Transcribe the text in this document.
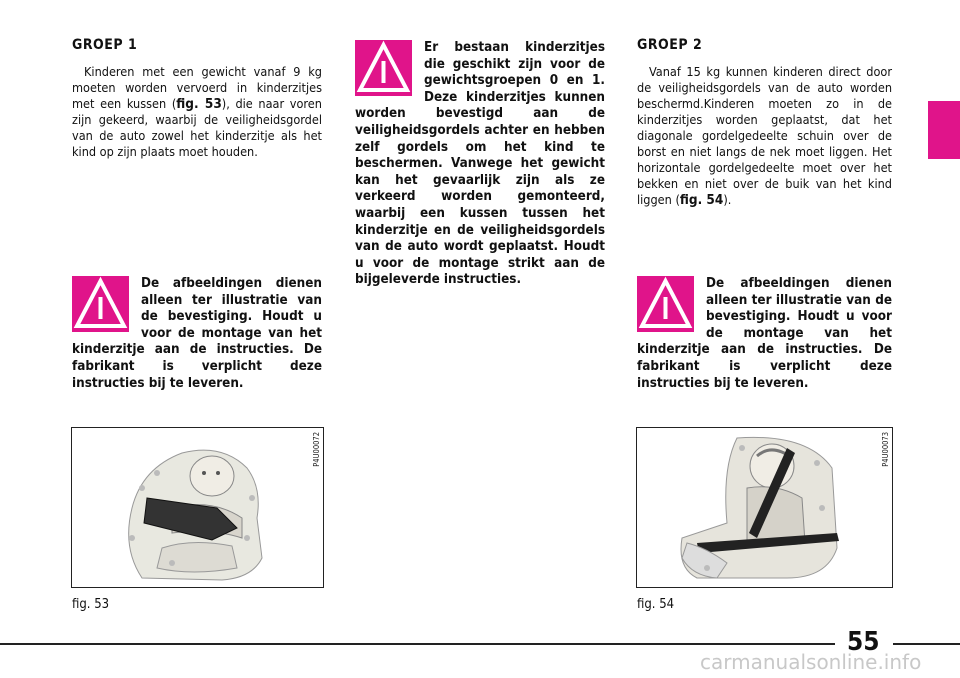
GROEP 1
Kinderen met een gewicht vanaf 9 kg moeten worden vervoerd in kinderzitjes met een kussen (fig. 53), die naar voren zijn gekeerd, waarbij de veiligheidsgordel van de auto zowel het kinderzitje als het kind op zijn plaats moet houden.
De afbeeldingen dienen alleen ter illustratie van de bevestiging. Houdt u voor de montage van het kinderzitje aan de instructies. De fabrikant is verplicht deze instructies bij te leveren.
P4U00072
fig. 53
Er bestaan kinderzitjes die geschikt zijn voor de gewichtsgroepen 0 en 1. Deze kinderzitjes kunnen worden bevestigd aan de veiligheidsgordels achter en hebben zelf gordels om het kind te beschermen. Vanwege het gewicht kan het gevaarlijk zijn als ze verkeerd worden gemonteerd, waarbij een kussen tussen het kinderzitje en de veiligheidsgordels van de auto wordt geplaatst. Houdt u voor de montage strikt aan de bijgeleverde instructies.
GROEP 2
Vanaf 15 kg kunnen kinderen direct door de veiligheidsgordels van de auto worden beschermd.Kinderen moeten zo in de kinderzitjes worden geplaatst, dat het diagonale gordelgedeelte schuin over de borst en niet langs de nek moet liggen. Het horizontale gordelgedeelte moet over het bekken en niet over de buik van het kind liggen (fig. 54).
De afbeeldingen dienen alleen ter illustratie van de bevestiging. Houdt u voor de montage van het kinderzitje aan de instructies. De fabrikant is verplicht deze instructies bij te leveren.
P4U00073
fig. 54
55
carmanualsonline.info
